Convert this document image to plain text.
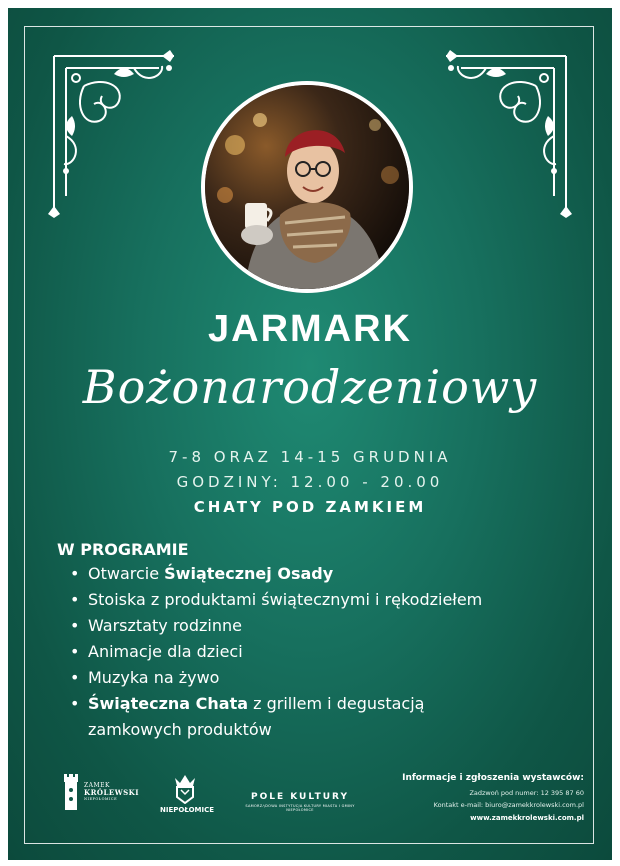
JARMARK
Bożonarodzeniowy
7-8 ORAZ 14-15 GRUDNIA
GODZINY: 12.00 - 20.00
CHATY POD ZAMKIEM
W PROGRAMIE
• Otwarcie Świątecznej Osady
• Stoiska z produktami świątecznymi i rękodziełem
• Warsztaty rodzinne
• Animacje dla dzieci
• Muzyka na żywo
• Świąteczna Chata z grillem i degustacją
zamkowych produktów
ZAMEK
KRÓLEWSKI
NIEPOŁOMICE
NIEPOŁOMICE
POLE KULTURY
SAMORZĄDOWA INSTYTUCJA KULTURY MIASTA I GMINY NIEPOŁOMICE
Informacje i zgłoszenia wystawców:
Zadzwoń pod numer: 12 395 87 60
Kontakt e-mail: biuro@zamekkrolewski.com.pl
www.zamekkrolewski.com.pl
